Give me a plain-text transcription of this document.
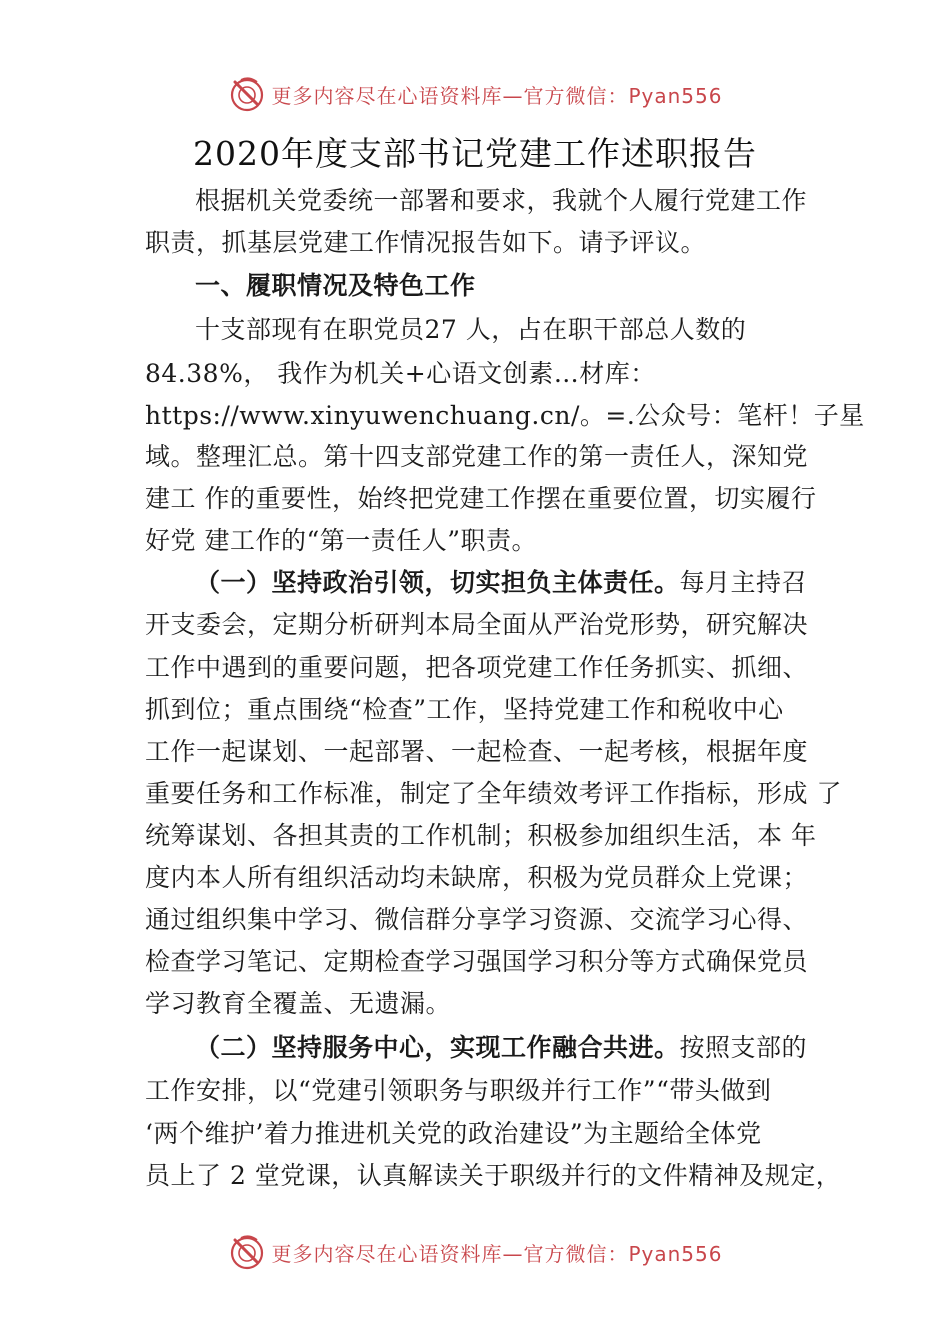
更多内容尽在心语资料库—官方微信：Pyan556
2020年度支部书记党建工作述职报告
根据机关党委统一部署和要求，我就个人履行党建工作
职责，抓基层党建工作情况报告如下。请予评议。
一、履职情况及特色工作
十支部现有在职党员27 人，占在职干部总人数的
84.38%， 我作为机关+心语文创素…材库：
https://www.xinyuwenchuang.cn/。=.公众号：笔杆！子星
域。整理汇总。第十四支部党建工作的第一责任人，深知党
建工 作的重要性，始终把党建工作摆在重要位置，切实履行
好党 建工作的“第一责任人”职责。
（一）坚持政治引领，切实担负主体责任。每月主持召
开支委会，定期分析研判本局全面从严治党形势，研究解决
工作中遇到的重要问题，把各项党建工作任务抓实、抓细、
抓到位；重点围绕“检查”工作，坚持党建工作和税收中心
工作一起谋划、一起部署、一起检查、一起考核，根据年度
重要任务和工作标准，制定了全年绩效考评工作指标，形成 了
统筹谋划、各担其责的工作机制；积极参加组织生活，本 年
度内本人所有组织活动均未缺席，积极为党员群众上党课；
通过组织集中学习、微信群分享学习资源、交流学习心得、
检查学习笔记、定期检查学习强国学习积分等方式确保党员
学习教育全覆盖、无遗漏。
（二）坚持服务中心，实现工作融合共进。按照支部的
工作安排，以“党建引领职务与职级并行工作”“带头做到
‘两个维护’着力推进机关党的政治建设”为主题给全体党
员上了 2 堂党课，认真解读关于职级并行的文件精神及规定，
更多内容尽在心语资料库—官方微信：Pyan556
